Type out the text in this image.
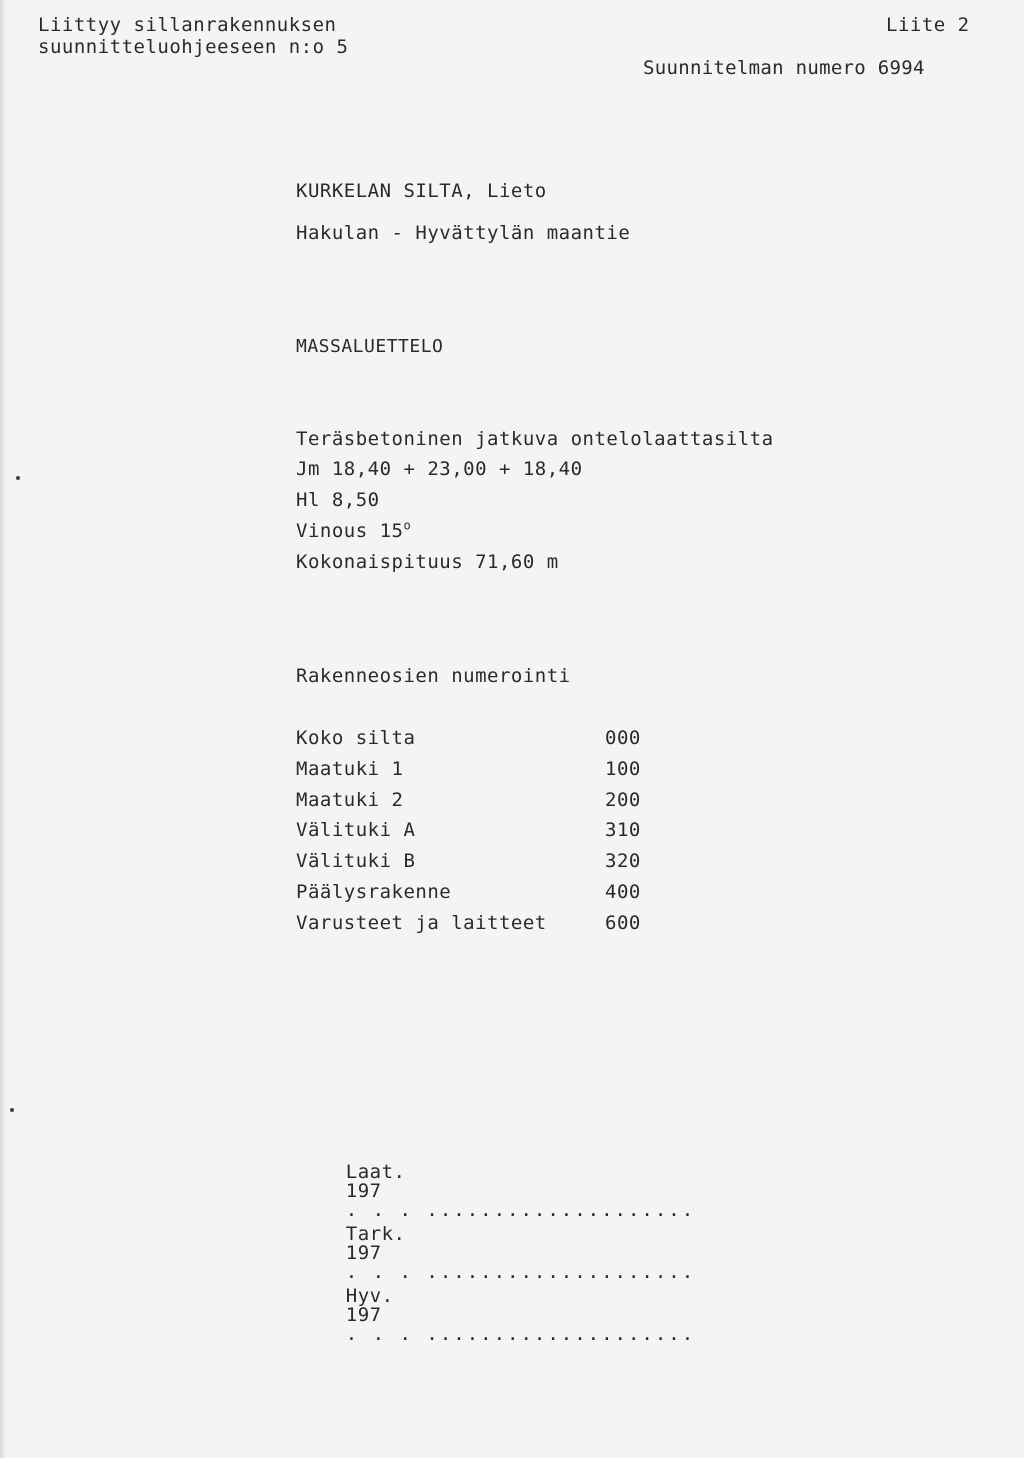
Liittyy sillanrakennuksen
suunnitteluohjeeseen n:o 5
Liite 2
Suunnitelman numero 6994
KURKELAN SILTA, Lieto
Hakulan - Hyvättylän maantie
MASSALUETTELO
Teräsbetoninen jatkuva ontelolaattasilta
Jm 18,40 + 23,00 + 18,40
Hl 8,50
Vinous 15$^o$
Kokonaispituus 71,60 m
Rakenneosien numerointi
Koko silta	000
Maatuki 1	100
Maatuki 2	200
Välituki A	310
Välituki B	320
Päälysrakenne	400
Varusteet ja laitteet	600

Laat.
197
. . . ....................

Tark.
197
. . . ....................

Hyv.
197
. . . ....................
